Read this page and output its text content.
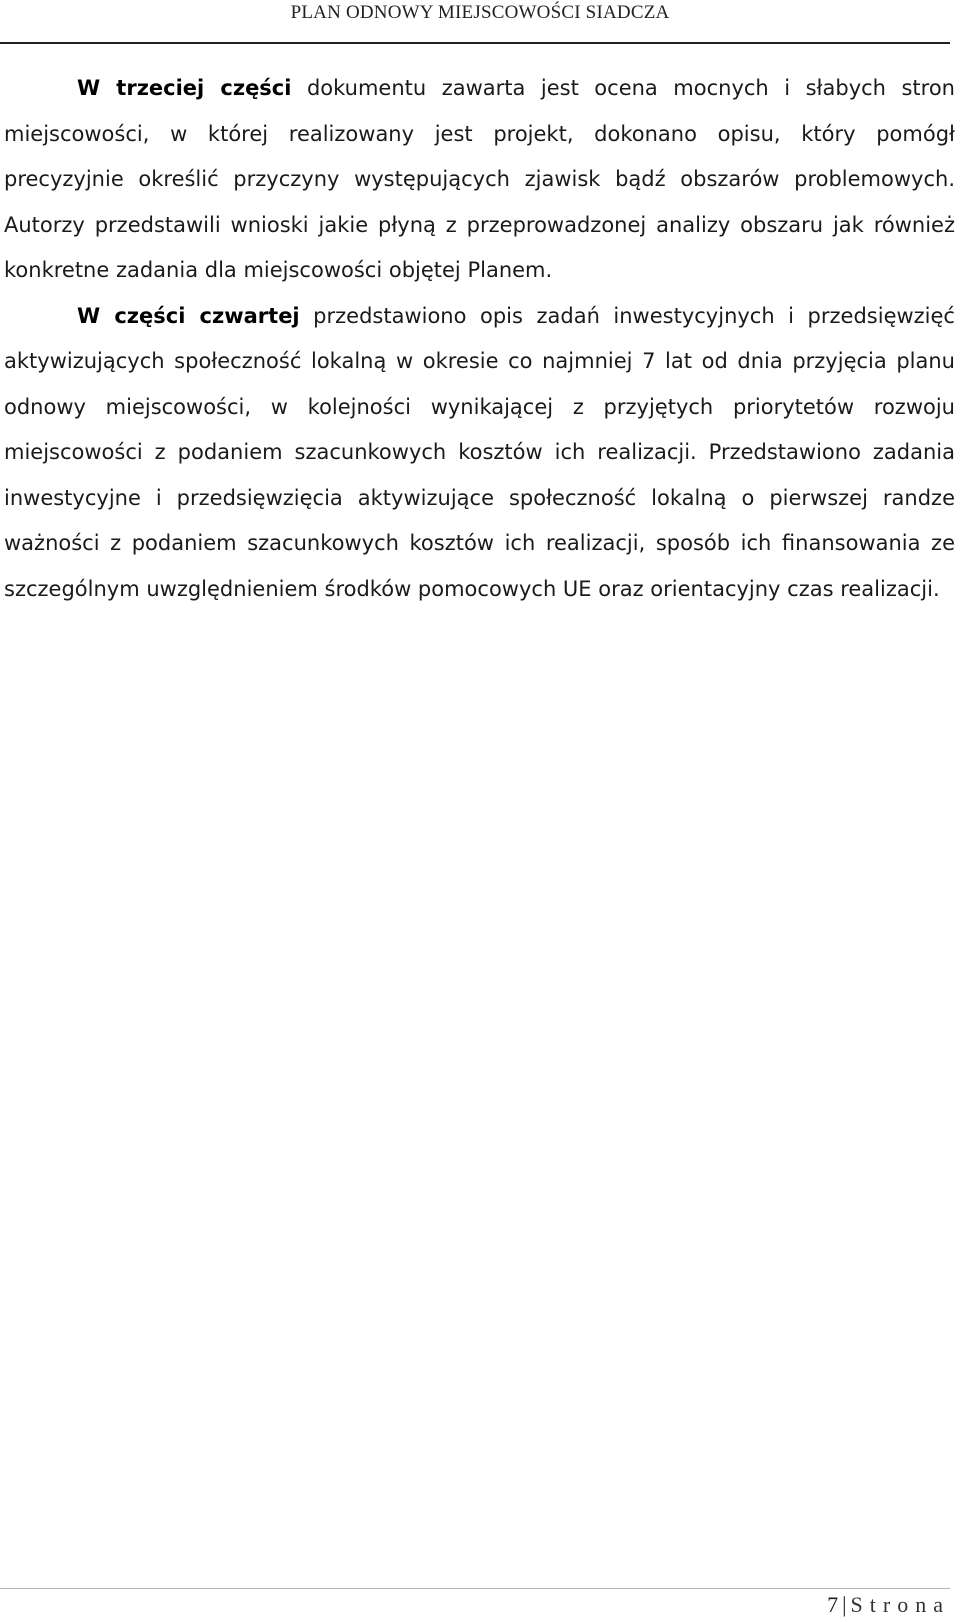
PLAN ODNOWY MIEJSCOWOŚCI SIADCZA

W trzeciej części dokumentu zawarta jest ocena mocnych i słabych stron miejscowości, w której realizowany jest projekt, dokonano opisu, który pomógł precyzyjnie określić przyczyny występujących zjawisk bądź obszarów problemowych. Autorzy przedstawili wnioski jakie płyną z przeprowadzonej analizy obszaru jak również konkretne zadania dla miejscowości objętej Planem.

W części czwartej przedstawiono opis zadań inwestycyjnych i przedsięwzięć aktywizujących społeczność lokalną w okresie co najmniej 7 lat od dnia przyjęcia planu odnowy miejscowości, w kolejności wynikającej z przyjętych priorytetów rozwoju miejscowości z podaniem szacunkowych kosztów ich realizacji. Przedstawiono zadania inwestycyjne i przedsięwzięcia aktywizujące społeczność lokalną o pierwszej randze ważności z podaniem szacunkowych kosztów ich realizacji, sposób ich finansowania ze szczególnym uwzględnieniem środków pomocowych UE oraz orientacyjny czas realizacji.

7 | Strona
